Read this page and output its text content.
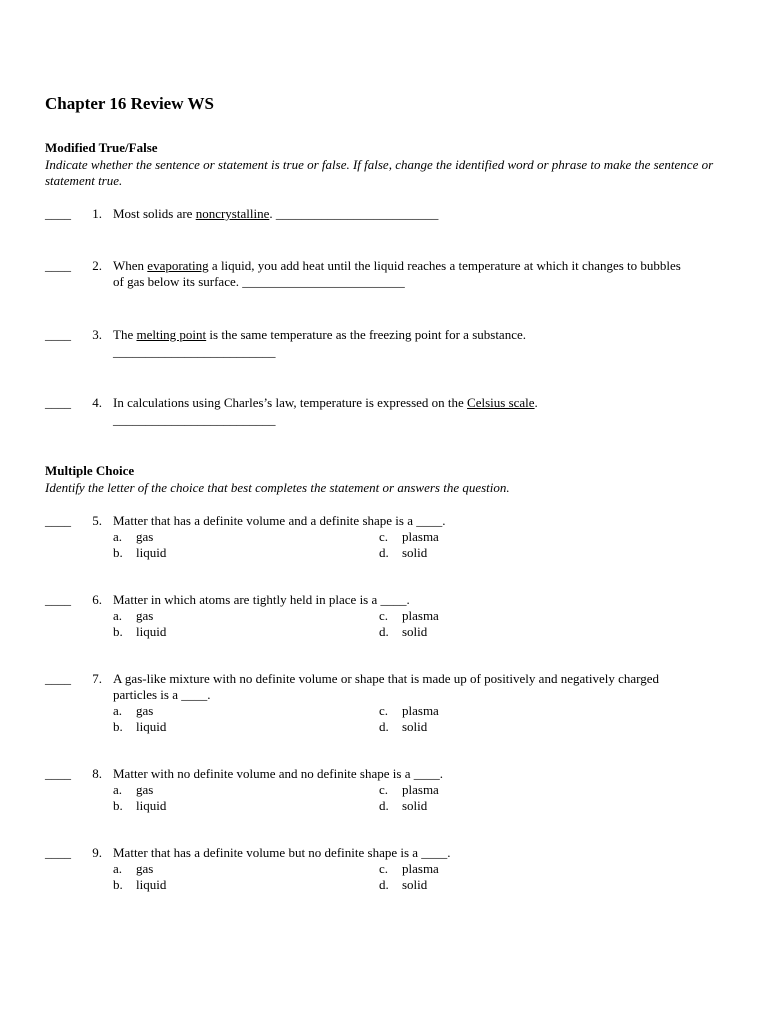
Chapter 16 Review WS
Modified True/False
Indicate whether the sentence or statement is true or false. If false, change the identified word or phrase to make the sentence or statement true.
____	1. Most solids are noncrystalline. _________________________
____	2. When evaporating a liquid, you add heat until the liquid reaches a temperature at which it changes to bubbles
of gas below its surface. _________________________
____	3. The melting point is the same temperature as the freezing point for a substance.
_________________________
____	4. In calculations using Charles’s law, temperature is expressed on the Celsius scale.
_________________________
Multiple Choice
Identify the letter of the choice that best completes the statement or answers the question.
____	5. Matter that has a definite volume and a definite shape is a ____.
a. gas
b. liquid
c. plasma
d. solid
____	6. Matter in which atoms are tightly held in place is a ____.
a. gas
b. liquid
c. plasma
d. solid
____	7. A gas-like mixture with no definite volume or shape that is made up of positively and negatively charged
particles is a ____.
a. gas
b. liquid
c. plasma
d. solid
____	8. Matter with no definite volume and no definite shape is a ____.
a. gas
b. liquid
c. plasma
d. solid
____	9. Matter that has a definite volume but no definite shape is a ____.
a. gas
b. liquid
c. plasma
d. solid
